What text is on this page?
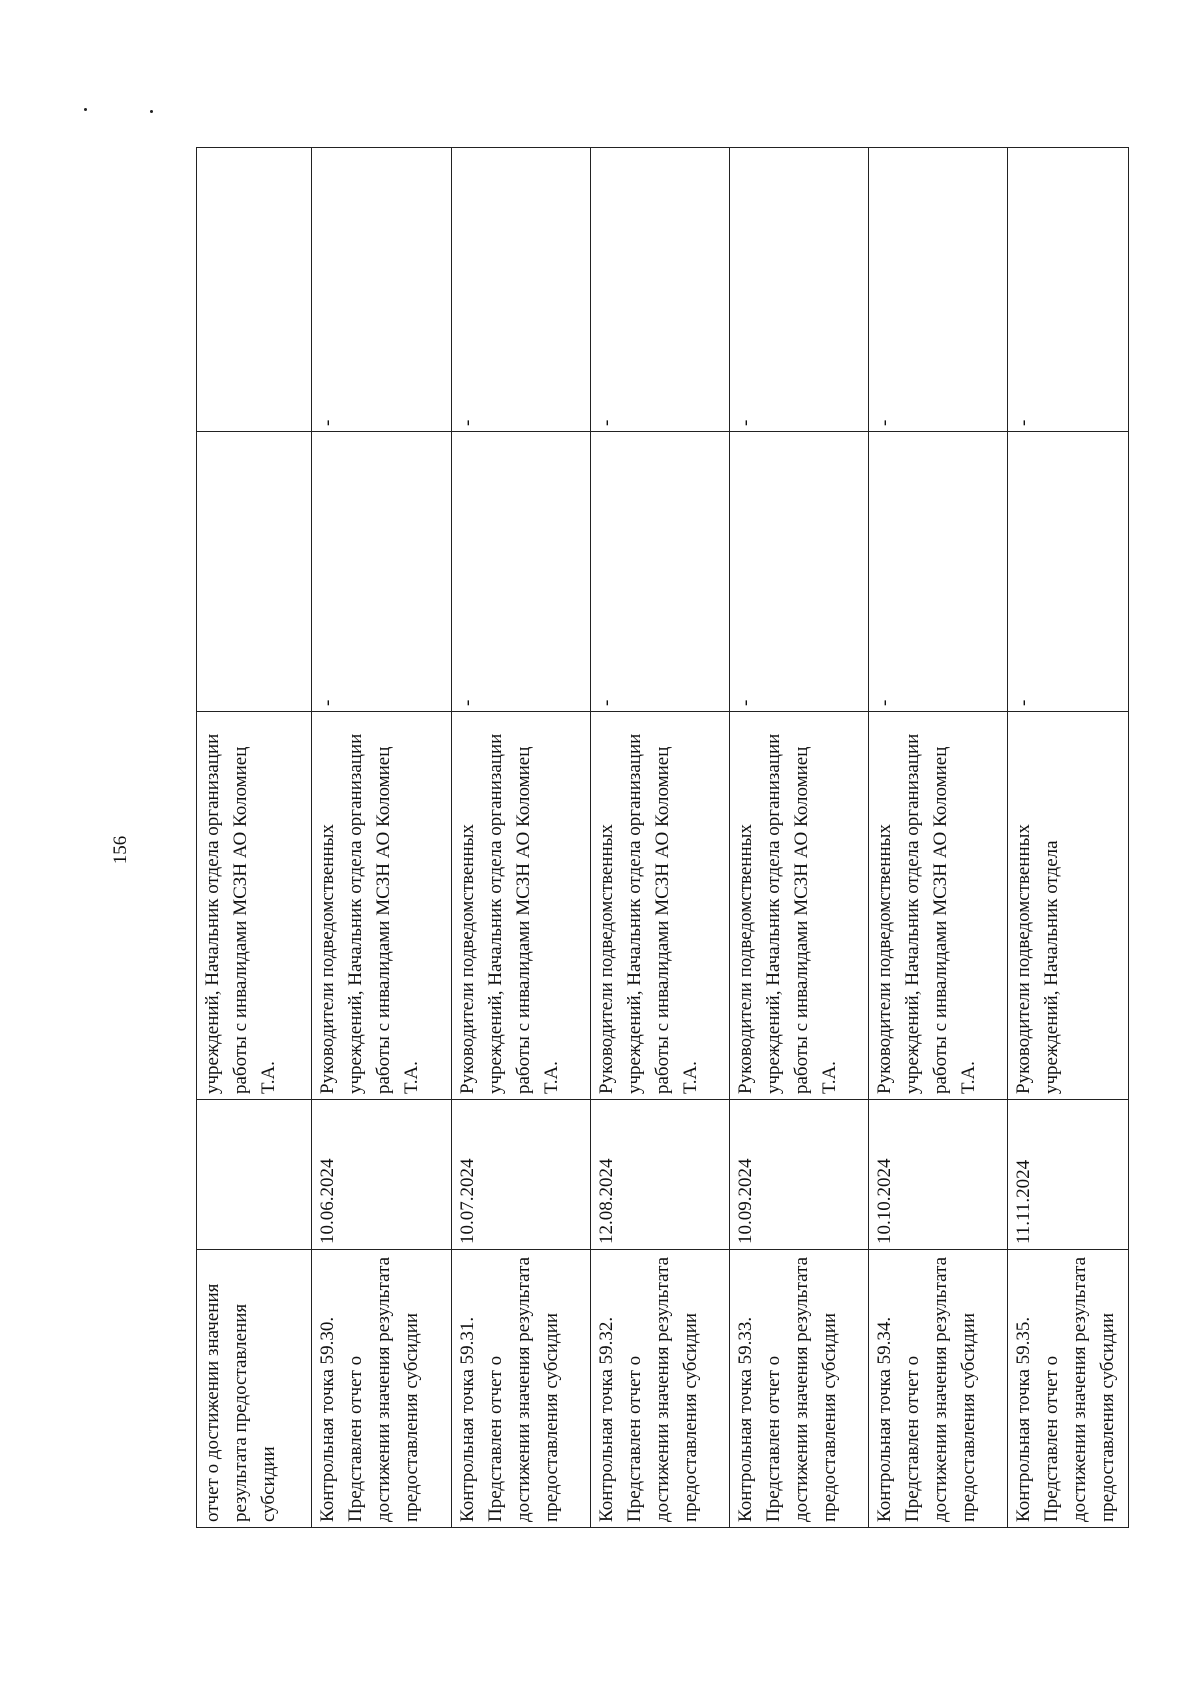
156
отчет о достижении значения результата предоставления субсидии		учреждений, Начальник отдела организации работы с инвалидами МСЗН АО Коломиец Т.А.		
Контрольная точка 59.30. Представлен отчет о достижении значения результата предоставления субсидии	10.06.2024	Руководители подведомственных учреждений, Начальник отдела организации работы с инвалидами МСЗН АО Коломиец Т.А.	-	-
Контрольная точка 59.31. Представлен отчет о достижении значения результата предоставления субсидии	10.07.2024	Руководители подведомственных учреждений, Начальник отдела организации работы с инвалидами МСЗН АО Коломиец Т.А.	-	-
Контрольная точка 59.32. Представлен отчет о достижении значения результата предоставления субсидии	12.08.2024	Руководители подведомственных учреждений, Начальник отдела организации работы с инвалидами МСЗН АО Коломиец Т.А.	-	-
Контрольная точка 59.33. Представлен отчет о достижении значения результата предоставления субсидии	10.09.2024	Руководители подведомственных учреждений, Начальник отдела организации работы с инвалидами МСЗН АО Коломиец Т.А.	-	-
Контрольная точка 59.34. Представлен отчет о достижении значения результата предоставления субсидии	10.10.2024	Руководители подведомственных учреждений, Начальник отдела организации работы с инвалидами МСЗН АО Коломиец Т.А.	-	-
Контрольная точка 59.35. Представлен отчет о достижении значения результата предоставления субсидии	11.11.2024	Руководители подведомственных учреждений, Начальник отдела	-	-
